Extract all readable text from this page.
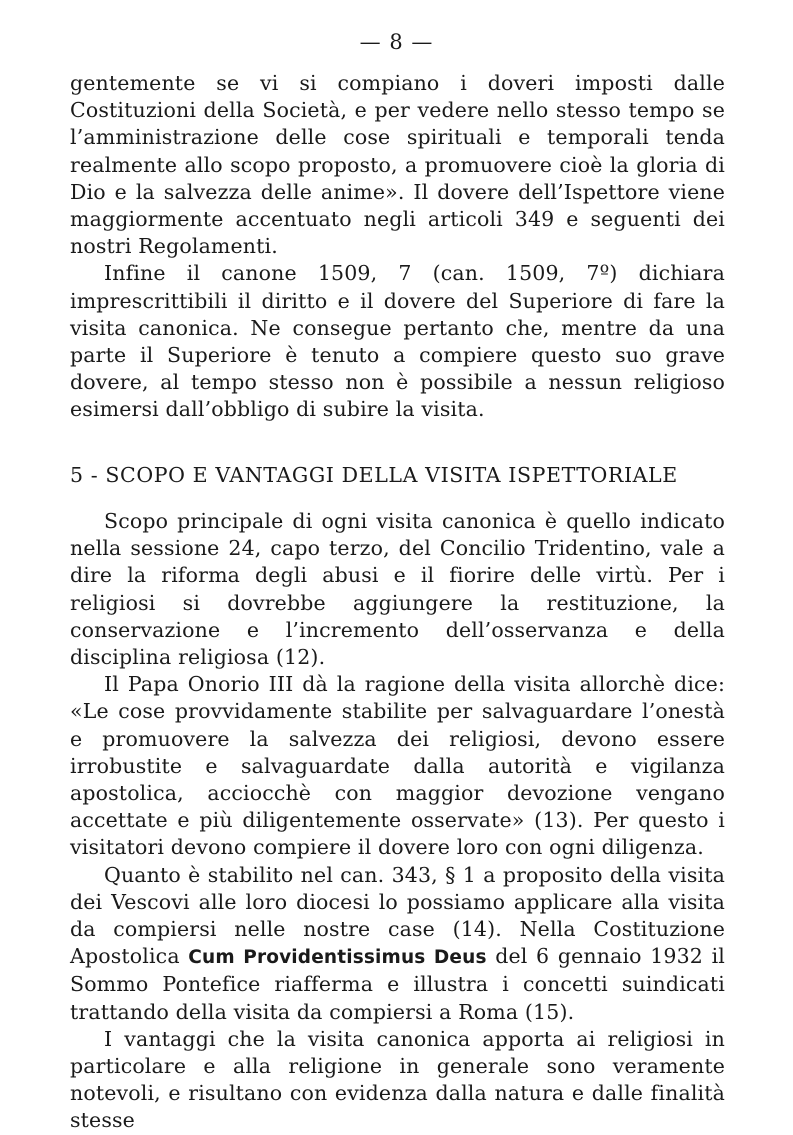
— 8 —

gentemente se vi si compiano i doveri imposti dalle Costituzioni della Società, e per vedere nello stesso tempo se l’amministrazione delle cose spirituali e temporali tenda realmente allo scopo proposto, a promuovere cioè la gloria di Dio e la salvezza delle anime». Il dovere dell’Ispettore viene maggiormente accentuato negli articoli 349 e seguenti dei nostri Regolamenti.

Infine il canone 1509, 7 (can. 1509, 7º) dichiara imprescrittibili il diritto e il dovere del Superiore di fare la visita canonica. Ne consegue pertanto che, mentre da una parte il Superiore è tenuto a compiere questo suo grave dovere, al tempo stesso non è possibile a nessun religioso esimersi dall’obbligo di subire la visita.

5 - SCOPO E VANTAGGI DELLA VISITA ISPETTORIALE

Scopo principale di ogni visita canonica è quello indicato nella sessione 24, capo terzo, del Concilio Tridentino, vale a dire la riforma degli abusi e il fiorire delle virtù. Per i religiosi si dovrebbe aggiungere la restituzione, la conservazione e l’incremento dell’osservanza e della disciplina religiosa (12).

Il Papa Onorio III dà la ragione della visita allorchè dice: «Le cose provvidamente stabilite per salvaguardare l’onestà e promuovere la salvezza dei religiosi, devono essere irrobustite e salvaguardate dalla autorità e vigilanza apostolica, acciocchè con maggior devozione vengano accettate e più diligentemente osservate» (13). Per questo i visitatori devono compiere il dovere loro con ogni diligenza.

Quanto è stabilito nel can. 343, § 1 a proposito della visita dei Vescovi alle loro diocesi lo possiamo applicare alla visita da compiersi nelle nostre case (14). Nella Costituzione Apostolica Cum Providentissimus Deus del 6 gennaio 1932 il Sommo Pontefice riafferma e illustra i concetti suindicati trattando della visita da compiersi a Roma (15).

I vantaggi che la visita canonica apporta ai religiosi in particolare e alla religione in generale sono veramente notevoli, e risultano con evidenza dalla natura e dalle finalità stesse
